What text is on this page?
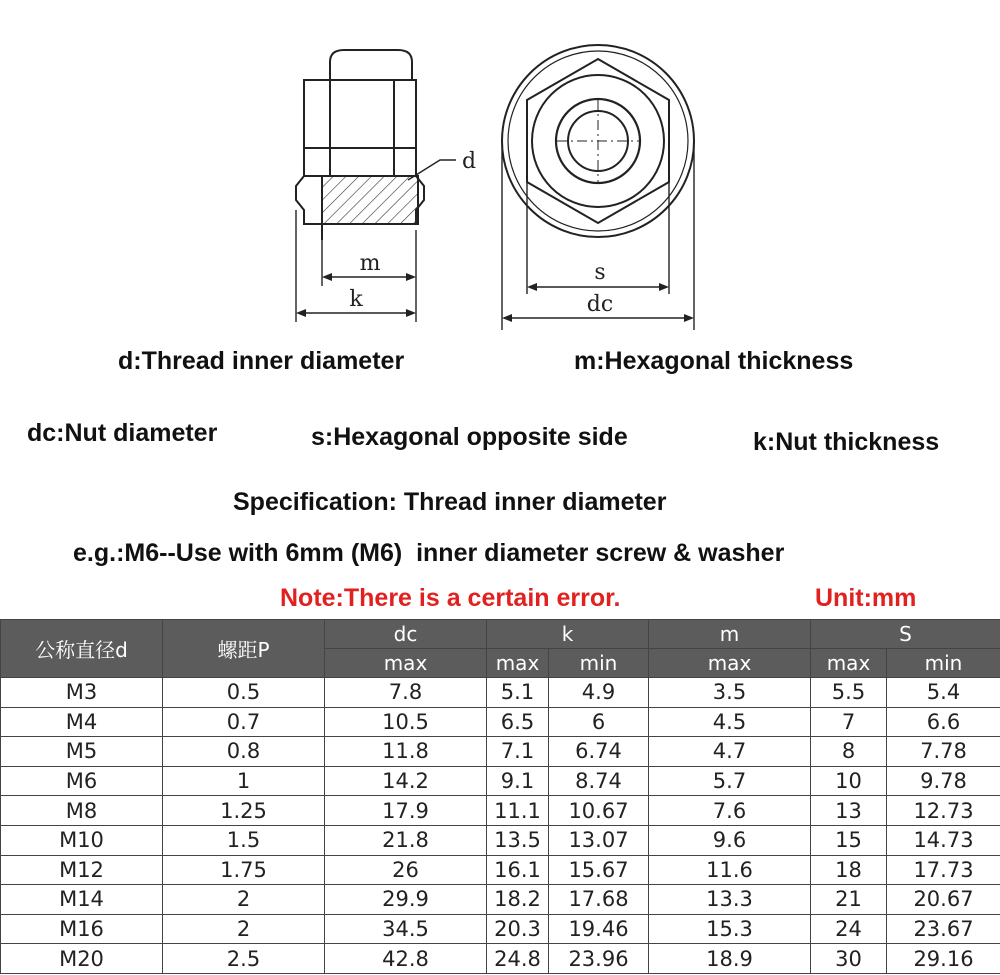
d
m
k
s
dc
d:Thread inner diameter	m:Hexagonal thickness
dc:Nut diameter	s:Hexagonal opposite side	k:Nut thickness
Specification: Thread inner diameter
e.g.:M6--Use with 6mm (M6)  inner diameter screw & washer
Note:There is a certain error.	Unit:mm
公称直径d	螺距P	dc	k		m	S	
		max	max	min	max	max	min
M3	0.5	7.8	5.1	4.9	3.5	5.5	5.4
M4	0.7	10.5	6.5	6	4.5	7	6.6
M5	0.8	11.8	7.1	6.74	4.7	8	7.78
M6	1	14.2	9.1	8.74	5.7	10	9.78
M8	1.25	17.9	11.1	10.67	7.6	13	12.73
M10	1.5	21.8	13.5	13.07	9.6	15	14.73
M12	1.75	26	16.1	15.67	11.6	18	17.73
M14	2	29.9	18.2	17.68	13.3	21	20.67
M16	2	34.5	20.3	19.46	15.3	24	23.67
M20	2.5	42.8	24.8	23.96	18.9	30	29.16
